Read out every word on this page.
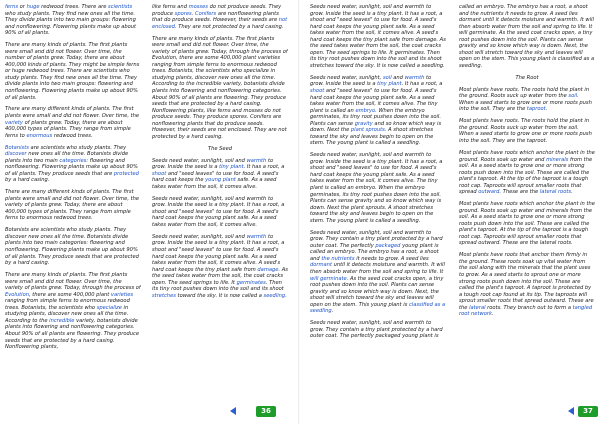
ferns or huge redwood trees. There are scientists who study plants. They find new ones all the time. They divide plants into two main groups: flowering and nonflowering. Flowering plants make up about 90% of all plants.

There are many kinds of plants. The first plants were small and did not flower. Over time, the number of plants grew. Today, there are about 400,000 kinds of plants. They might be simple ferns or huge redwood trees. There are scientists who study plants. They find new ones all the time. They divide plants into two main groups: flowering and nonflowering. Flowering plants make up about 90% of all plants.

There are many different kinds of plants. The first plants were small and did not flower. Over time, the variety of plants grew. Today, there are about 400,000 types of plants. They range from simple ferns to enormous redwood trees.

Botanists are scientists who study plants. They discover new ones all the time. Botanists divide plants into two main categories: flowering and nonflowering. Flowering plants make up about 90% of all plants. They produce seeds that are protected by a hard casing.

There are many different kinds of plants. The first plants were small and did not flower. Over time, the variety of plants grew. Today, there are about 400,000 types of plants. They range from simple ferns to enormous redwood trees.

Botanists are scientists who study plants. They discover new ones all the time. Botanists divide plants into two main categories: flowering and nonflowering. Flowering plants make up about 90% of all plants. They produce seeds that are protected by a hard casing.

There are many kinds of plants. The first plants were small and did not flower. Over time, the variety of plants grew. Today, through the process of Evolution, there are some 400,000 plant varieties ranging from simple ferns to enormous redwood trees. Botanists, the scientists who specialize in studying plants, discover new ones all the time. According to the incredible variety, botanists divide plants into flowering and nonflowering categories. About 90% of all plants are flowering. They produce seeds that are protected by a hard casing. Nonflowering plants,

like ferns and mosses do not produce seeds. They produce spores. Conifers are nonflowering plants that do produce seeds. However, their seeds are not enclosed. They are not protected by a hard casing.

There are many kinds of plants. The first plants were small and did not flower. Over time, the variety of plants grew. Today, through the process of Evolution, there are some 400,000 plant varieties ranging from simple ferns to enormous redwood trees. Botanists, the scientists who specialize in studying plants, discover new ones all the time. According to the incredible variety, botanists divide plants into flowering and nonflowering categories. About 90% of all plants are flowering. They produce seeds that are protected by a hard casing. Nonflowering plants, like ferns and mosses do not produce seeds. They produce spores. Conifers are nonflowering plants that do produce seeds. However, their seeds are not enclosed. They are not protected by a hard casing.

The Seed

Seeds need water, sunlight, soil and warmth to grow. Inside the seed is a tiny plant. It has a root, a shoot and "seed leaves" to use for food. A seed's hard coat keeps the young plant safe. As a seed takes water from the soil, it comes alive.

Seeds need water, sunlight, soil and warmth to grow. Inside the seed is a tiny plant. It has a root, a shoot and "seed leaves" to use for food. A seed's hard coat keeps the young plant safe. As a seed takes water from the soil, it comes alive.

Seeds need water, sunlight, soil and warmth to grow. Inside the seed is a tiny plant. It has a root, a shoot and "seed leaves" to use for food. A seed's hard coat keeps the young plant safe. As a seed takes water from the soil, it comes alive. A seed's hard coat keeps the tiny plant safe from damage. As the seed takes water from the soil, the coat cracks open. The seed springs to life. It germinates. Then its tiny root pushes down into the soil and its shoot stretches toward the sky. It is now called a seedling.

36

Seeds need water, sunlight, soil and warmth to grow. Inside the seed is a tiny plant. It has a root, a shoot and "seed leaves" to use for food. A seed's hard coat keeps the young plant safe. As a seed takes water from the soil, it comes alive. A seed's hard coat keeps the tiny plant safe from damage. As the seed takes water from the soil, the coat cracks open. The seed springs to life. It germinates. Then its tiny root pushes down into the soil and its shoot stretches toward the sky. It is now called a seedling.

Seeds need water, sunlight, soil and warmth to grow. Inside the seed is a tiny plant. It has a root, a shoot and "seed leaves" to use for food. A seed's hard coat keeps the young plant safe. As a seed takes water from the soil, it comes alive. The tiny plant is called an embryo. When the embryo germinates, its tiny root pushes down into the soil. Plants can sense gravity and so know which way is down. Next the plant sprouts. A shoot stretches toward the sky and leaves begin to open on the stem. The young plant is called a seedling.

Seeds need water, sunlight, soil and warmth to grow. Inside the seed is a tiny plant. It has a root, a shoot and "seed leaves" to use for food. A seed's hard coat keeps the young plant safe. As a seed takes water from the soil, it comes alive. The tiny plant is called an embryo. When the embryo germinates, its tiny root pushes down into the soil. Plants can sense gravity and so know which way is down. Next the plant sprouts. A shoot stretches toward the sky and leaves begin to open on the stem. The young plant is called a seedling.

Seeds need water, sunlight, soil and warmth to grow. They contain a tiny plant protected by a hard outer coat. The perfectly packaged young plant is called an embryo. The embryo has a root, a shoot and the nutrients it needs to grow. A seed lies dormant until it detects moisture and warmth. It will then absorb water from the soil and spring to life. It will germinate. As the seed coat cracks open, a tiny root pushes down into the soil. Plants can sense gravity and so know which way is down. Next, the shoot will stretch toward the sky and leaves will open on the stem. This young plant is classified as a seedling.

Seeds need water, sunlight, soil and warmth to grow. They contain a tiny plant protected by a hard outer coat. The perfectly packaged young plant is

called an embryo. The embryo has a root, a shoot and the nutrients it needs to grow. A seed lies dormant until it detects moisture and warmth. It will then absorb water from the soil and spring to life. It will germinate. As the seed coat cracks open, a tiny root pushes down into the soil. Plants can sense gravity and so know which way is down. Next, the shoot will stretch toward the sky and leaves will open on the stem. This young plant is classified as a seedling.

The Root

Most plants have roots. The roots hold the plant in the ground. Roots suck up water from the soil. When a seed starts to grow one or more roots push into the soil. They are the taproot.

Most plants have roots. The roots hold the plant in the ground. Roots suck up water from the soil. When a seed starts to grow one or more roots push into the soil. They are the taproot.

Most plants have roots which anchor the plant in the ground. Roots soak up water and minerals from the soil. As a seed starts to grow one or more strong roots push down into the soil. These are called the plant's taproot. At the tip of the taproot is a tough root cap. Taproots will sprout smaller roots that spread outward. These are the lateral roots.

Most plants have roots which anchor the plant in the ground. Roots soak up water and minerals from the soil. As a seed starts to grow one or more strong roots push down into the soil. These are called the plant's taproot. At the tip of the taproot is a tough root cap. Taproots will sprout smaller roots that spread outward. These are the lateral roots.

Most plants have roots that anchor them firmly in the ground. These roots soak up vital water from the soil along with the minerals that the plant uses to grow. As a seed starts to sprout one or more strong roots push down into the soil. These are called the plant's taproot. A taproot is protected by a tough root cap found at its tip. The taproots will sprout smaller roots that spread outward. These are the lateral roots. They branch out to form a tangled root network.

37
